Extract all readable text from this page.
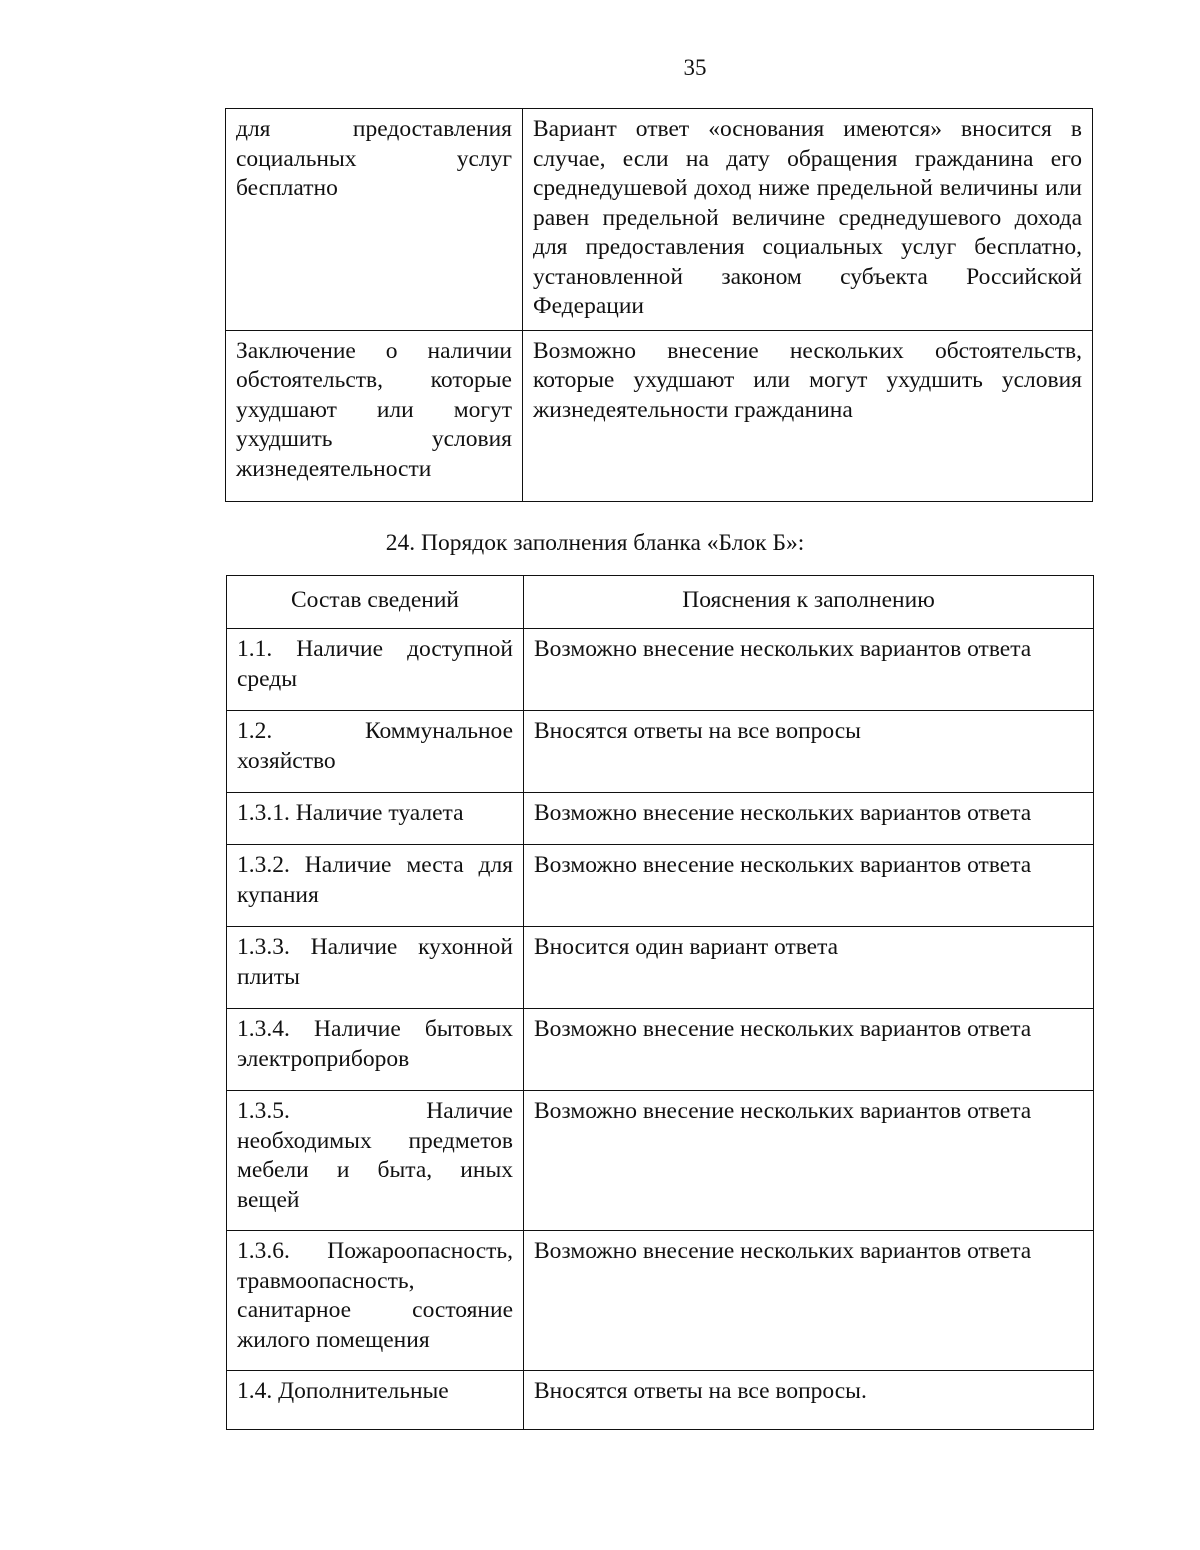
35
для предоставления социальных услуг бесплатно	Вариант ответ «основания имеются» вносится в случае, если на дату обращения гражданина его среднедушевой доход ниже предельной величины или равен предельной величине среднедушевого дохода для предоставления социальных услуг бесплатно, установленной законом субъекта Российской Федерации
Заключение о наличии обстоятельств, которые ухудшают или могут ухудшить условия жизнедеятельности	Возможно внесение нескольких обстоятельств, которые ухудшают или могут ухудшить условия жизнедеятельности гражданина
24. Порядок заполнения бланка «Блок Б»:
Состав сведений	Пояснения к заполнению
1.1. Наличие доступной среды	Возможно внесение нескольких вариантов ответа
1.2. Коммунальное хозяйство	Вносятся ответы на все вопросы
1.3.1. Наличие туалета	Возможно внесение нескольких вариантов ответа
1.3.2. Наличие места для купания	Возможно внесение нескольких вариантов ответа
1.3.3. Наличие кухонной плиты	Вносится один вариант ответа
1.3.4. Наличие бытовых электроприборов	Возможно внесение нескольких вариантов ответа
1.3.5. Наличие необходимых предметов мебели и быта, иных вещей	Возможно внесение нескольких вариантов ответа
1.3.6. Пожароопасность, травмоопасность, санитарное состояние жилого помещения	Возможно внесение нескольких вариантов ответа
1.4. Дополнительные	Вносятся ответы на все вопросы.
